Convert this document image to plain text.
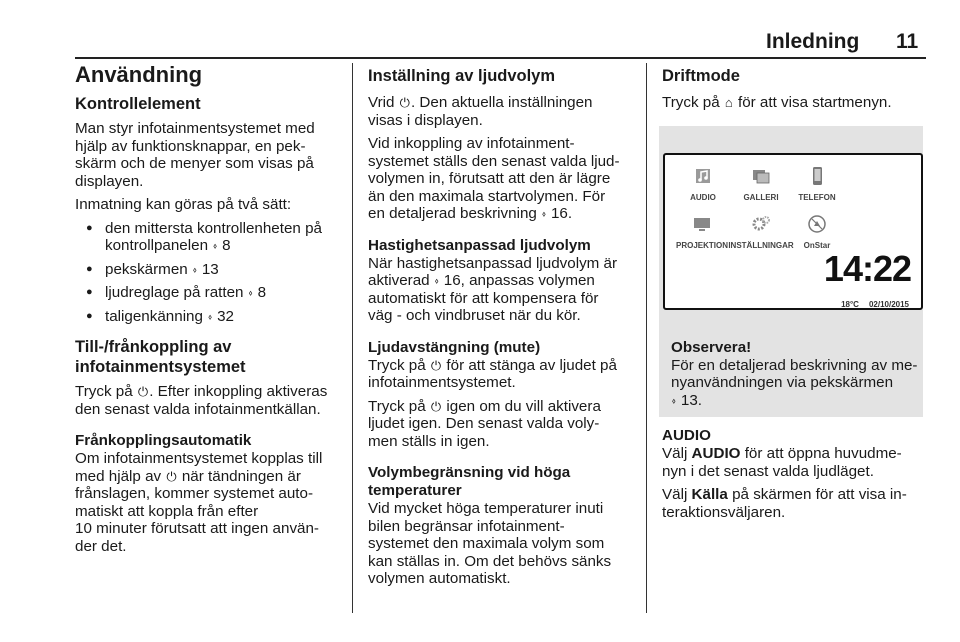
Inledning 11
Användning
Kontrollelement

Man styr infotainmentsystemet med
hjälp av funktionsknappar, en pek-
skärm och de menyer som visas på
displayen.

Inmatning kan göras på två sätt:

● den mittersta kontrollenheten på
kontrollpanelen ⬫ 8
● pekskärmen ⬫ 13
● ljudreglage på ratten ⬫ 8
● taligenkänning ⬫ 32
Till-/frånkoppling av
infotainmentsystemet

Tryck på ⏻. Efter inkoppling aktiveras
den senast valda infotainmentkällan.

Frånkopplingsautomatik

Om infotainmentsystemet kopplas till
med hjälp av ⏻ när tändningen är
frånslagen, kommer systemet auto-
matiskt att koppla från efter
10 minuter förutsatt att ingen använ-
der det.

Inställning av ljudvolym

Vrid ⏻. Den aktuella inställningen
visas i displayen.

Vid inkoppling av infotainment-
systemet ställs den senast valda ljud-
volymen in, förutsatt att den är lägre
än den maximala startvolymen. För
en detaljerad beskrivning ⬫ 16.

Hastighetsanpassad ljudvolym

När hastighetsanpassad ljudvolym är
aktiverad ⬫ 16, anpassas volymen
automatiskt för att kompensera för
väg - och vindbruset när du kör.

Ljudavstängning (mute)

Tryck på ⏻ för att stänga av ljudet på
infotainmentsystemet.

Tryck på ⏻ igen om du vill aktivera
ljudet igen. Den senast valda voly-
men ställs in igen.

Volymbegränsning vid höga
temperaturer

Vid mycket höga temperaturer inuti
bilen begränsar infotainment-
systemet den maximala volym som
kan ställas in. Om det behövs sänks
volymen automatiskt.

Driftmode

Tryck på ⌂ för att visa startmenyn.

AUDIO	GALLERI	TELEFON
PROJEKTION INSTÄLLNINGAR	OnStar
14:22
18°C 02/10/2015
Observera!
För en detaljerad beskrivning av me-
nyanvändningen via pekskärmen
⬫ 13.
AUDIO

Välj AUDIO för att öppna huvudme-
nyn i det senast valda ljudläget.

Välj Källa på skärmen för att visa in-
teraktionsväljaren.
